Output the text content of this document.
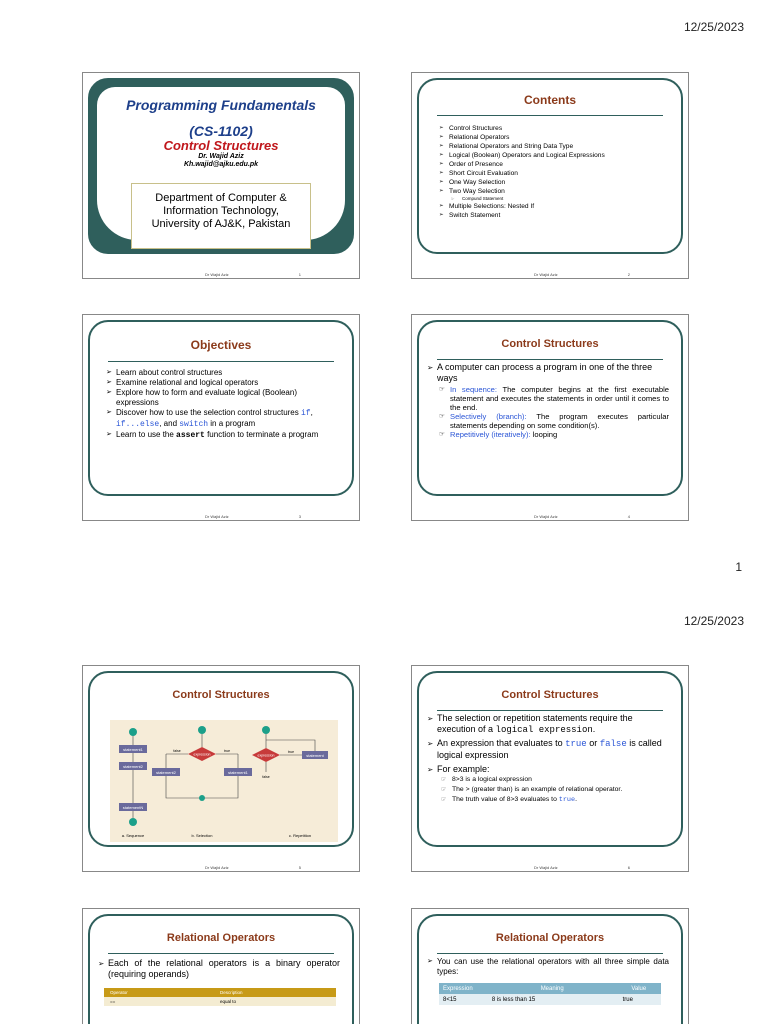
12/25/2023
Programming Fundamentals
(CS-1102)
Control Structures
Dr. Wajid Aziz
Kh.wajid@ajku.edu.pk
Department of Computer &
Information Technology,
University of AJ&K, Pakistan
Dr Wajid Aziz	1
Contents
➢ Control Structures
➢ Relational Operators
➢ Relational Operators and String Data Type
➢ Logical (Boolean) Operators and Logical Expressions
➢ Order of Presence
➢ Short Circuit Evaluation
➢ One Way Selection
➢ Two Way Selection
☞ Compund Statement
➢ Multiple Selections: Nested If
➢ Switch Statement
Dr Wajid Aziz	2
Objectives
➢ Learn about control structures
➢ Examine relational and logical operators
➢ Explore how to form and evaluate logical (Boolean) expressions
➢ Discover how to use the selection control structures if, if...else, and switch in a program
➢ Learn to use the assert function to terminate a program
Dr Wajid Aziz	3
Control Structures
➢ A computer can process a program in one of the three ways
☞ In sequence: The computer begins at the first executable statement and executes the statements in order until it comes to the end.
☞ Selectively (branch): The program executes particular statements depending on some condition(s).
☞ Repetitively (iteratively): looping
Dr Wajid Aziz	4
1
12/25/2023
Control Structures
statement1
statement2
statementN
a. Sequence
expression
false	true
statement2	statement1
b. Selection
expression
true
statement
false
c. Repetition
Dr Wajid Aziz	5
Control Structures
➢ The selection or repetition statements require the execution of a logical expression.
➢ An expression that evaluates to true or false is called logical expression
➢ For example:
☞ 8>3 is a logical expression
☞ The > (greater than) is an example of relational operator.
☞ The truth value of 8>3 evaluates to true.
Dr Wajid Aziz	6
Relational Operators
➢ Each of the relational operators is a binary operator (requiring operands)
Operator	Description
==	equal to
Relational Operators
➢ You can use the relational operators with all three simple data types:
Expression	Meaning	Value
8<15	8 is less than 15	true
